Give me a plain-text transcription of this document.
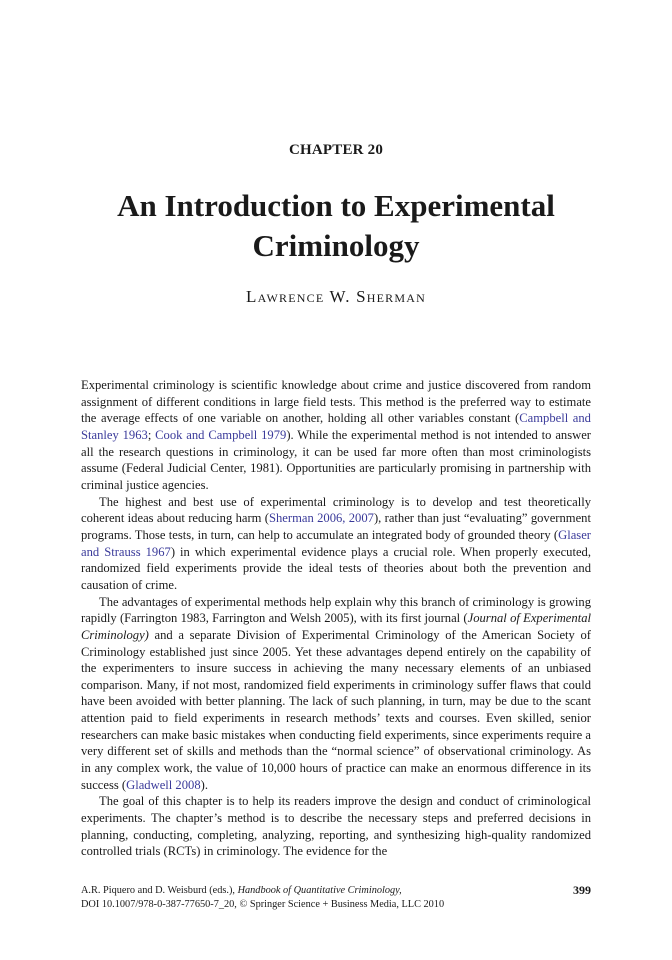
CHAPTER 20
An Introduction to Experimental
Criminology
Lawrence W. Sherman

Experimental criminology is scientific knowledge about crime and justice discovered from random assignment of different conditions in large field tests. This method is the preferred way to estimate the average effects of one variable on another, holding all other variables constant (Campbell and Stanley 1963; Cook and Campbell 1979). While the experimental method is not intended to answer all the research questions in criminology, it can be used far more often than most criminologists assume (Federal Judicial Center, 1981). Opportunities are particularly promising in partnership with criminal justice agencies.

The highest and best use of experimental criminology is to develop and test theoretically coherent ideas about reducing harm (Sherman 2006, 2007), rather than just “evaluating” government programs. Those tests, in turn, can help to accumulate an integrated body of grounded theory (Glaser and Strauss 1967) in which experimental evidence plays a crucial role. When properly executed, randomized field experiments provide the ideal tests of theories about both the prevention and causation of crime.

The advantages of experimental methods help explain why this branch of criminology is growing rapidly (Farrington 1983, Farrington and Welsh 2005), with its first journal (Journal of Experimental Criminology) and a separate Division of Experimental Criminology of the American Society of Criminology established just since 2005. Yet these advantages depend entirely on the capability of the experimenters to insure success in achieving the many necessary elements of an unbiased comparison. Many, if not most, randomized field experiments in criminology suffer flaws that could have been avoided with better planning. The lack of such planning, in turn, may be due to the scant attention paid to field experiments in research methods’ texts and courses. Even skilled, senior researchers can make basic mistakes when conducting field experiments, since experiments require a very different set of skills and methods than the “normal science” of observational criminology. As in any complex work, the value of 10,000 hours of practice can make an enormous difference in its success (Gladwell 2008).

The goal of this chapter is to help its readers improve the design and conduct of criminological experiments. The chapter’s method is to describe the necessary steps and preferred decisions in planning, conducting, completing, analyzing, reporting, and synthesizing high-quality randomized controlled trials (RCTs) in criminology. The evidence for the

A.R. Piquero and D. Weisburd (eds.), Handbook of Quantitative Criminology,	399
DOI 10.1007/978-0-387-77650-7_20, © Springer Science + Business Media, LLC 2010
